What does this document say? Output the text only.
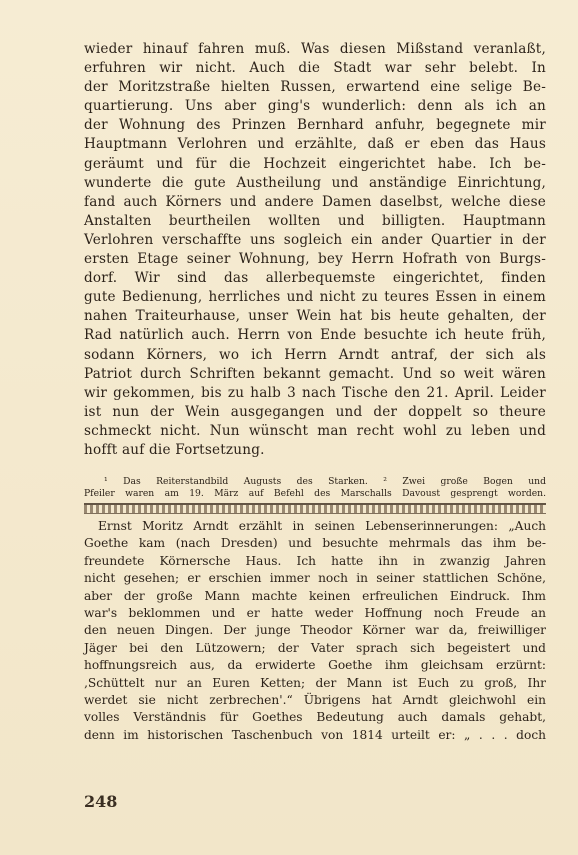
wieder hinauf fahren muß. Was diesen Mißstand veranlaßt,
erfuhren wir nicht. Auch die Stadt war sehr belebt. In
der Moritzstraße hielten Russen, erwartend eine selige Be-
quartierung. Uns aber ging's wunderlich: denn als ich an
der Wohnung des Prinzen Bernhard anfuhr, begegnete mir
Hauptmann Verlohren und erzählte, daß er eben das Haus
geräumt und für die Hochzeit eingerichtet habe. Ich be-
wunderte die gute Austheilung und anständige Einrichtung,
fand auch Körners und andere Damen daselbst, welche diese
Anstalten beurtheilen wollten und billigten. Hauptmann
Verlohren verschaffte uns sogleich ein ander Quartier in der
ersten Etage seiner Wohnung, bey Herrn Hofrath von Burgs-
dorf. Wir sind das allerbequemste eingerichtet, finden
gute Bedienung, herrliches und nicht zu teures Essen in einem
nahen Traiteurhause, unser Wein hat bis heute gehalten, der
Rad natürlich auch. Herrn von Ende besuchte ich heute früh,
sodann Körners, wo ich Herrn Arndt antraf, der sich als
Patriot durch Schriften bekannt gemacht. Und so weit wären
wir gekommen, bis zu halb 3 nach Tische den 21. April. Leider
ist nun der Wein ausgegangen und der doppelt so theure
schmeckt nicht. Nun wünscht man recht wohl zu leben und
hofft auf die Fortsetzung.
¹ Das Reiterstandbild Augusts des Starken. ² Zwei große Bogen und
Pfeiler waren am 19. März auf Befehl des Marschalls Davoust gesprengt worden.
Ernst Moritz Arndt erzählt in seinen Lebenserinnerungen: „Auch
Goethe kam (nach Dresden) und besuchte mehrmals das ihm be-
freundete Körnersche Haus. Ich hatte ihn in zwanzig Jahren
nicht gesehen; er erschien immer noch in seiner stattlichen Schöne,
aber der große Mann machte keinen erfreulichen Eindruck. Ihm
war's beklommen und er hatte weder Hoffnung noch Freude an
den neuen Dingen. Der junge Theodor Körner war da, freiwilliger
Jäger bei den Lützowern; der Vater sprach sich begeistert und
hoffnungsreich aus, da erwiderte Goethe ihm gleichsam erzürnt:
‚Schüttelt nur an Euren Ketten; der Mann ist Euch zu groß, Ihr
werdet sie nicht zerbrechen'.“ Übrigens hat Arndt gleichwohl ein
volles Verständnis für Goethes Bedeutung auch damals gehabt,
denn im historischen Taschenbuch von 1814 urteilt er: „ . . . doch
248
